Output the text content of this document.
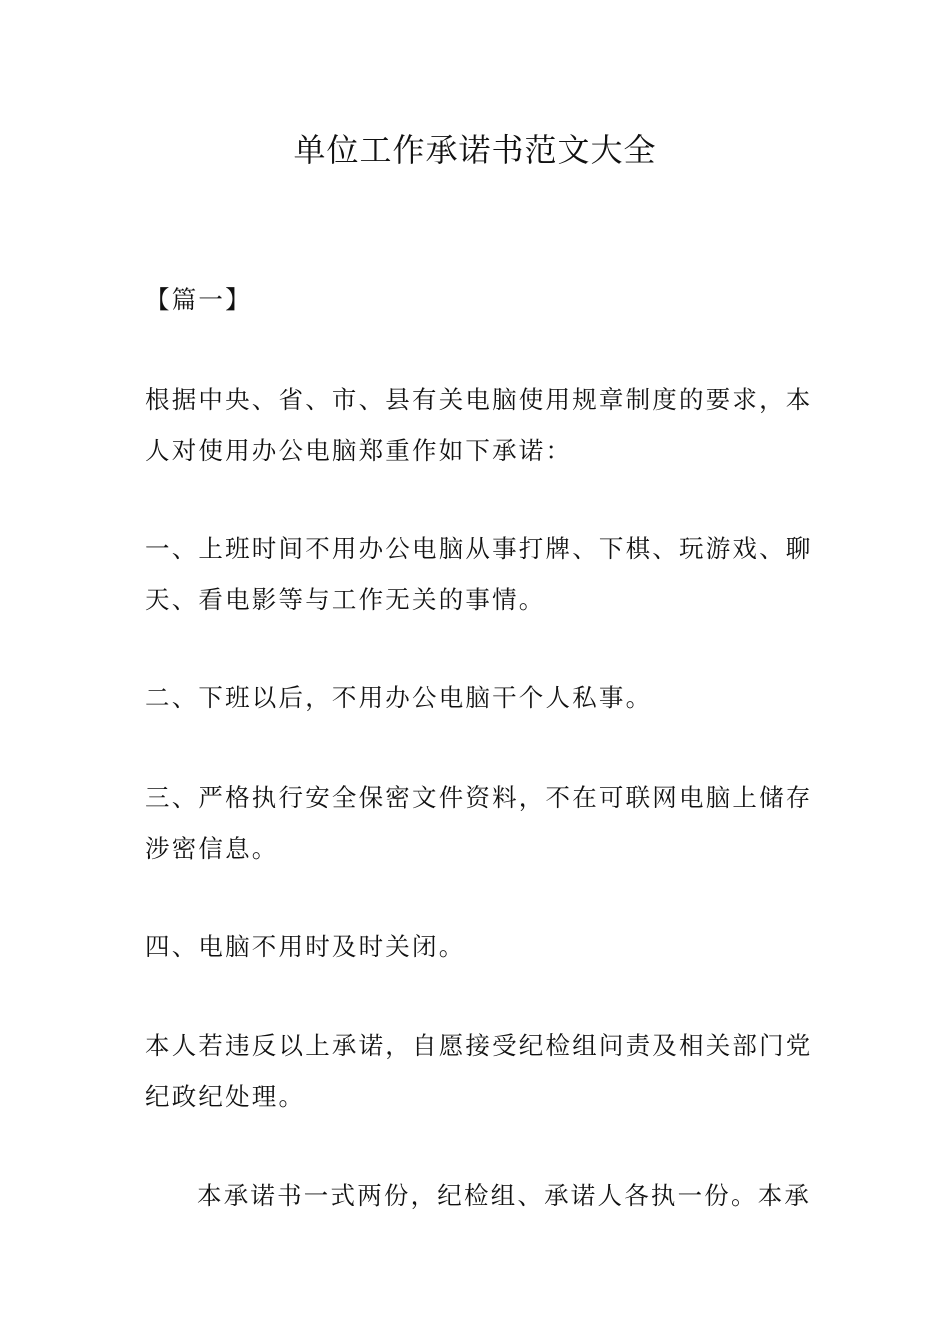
单位工作承诺书范文大全
【篇一】
根据中央、省、市、县有关电脑使用规章制度的要求，本
人对使用办公电脑郑重作如下承诺：
一、上班时间不用办公电脑从事打牌、下棋、玩游戏、聊
天、看电影等与工作无关的事情。
二、下班以后，不用办公电脑干个人私事。
三、严格执行安全保密文件资料，不在可联网电脑上储存
涉密信息。
四、电脑不用时及时关闭。
本人若违反以上承诺，自愿接受纪检组问责及相关部门党
纪政纪处理。
本承诺书一式两份，纪检组、承诺人各执一份。本承
